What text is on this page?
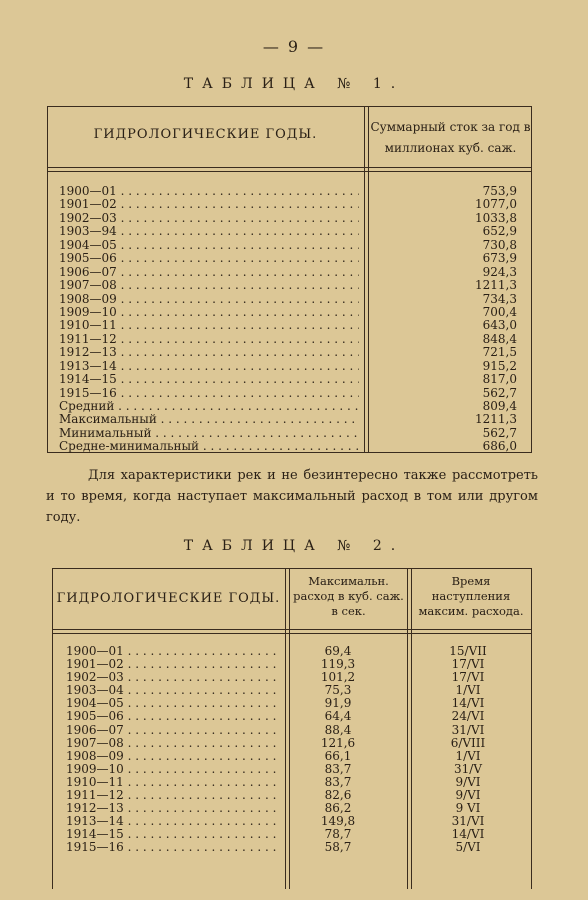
— 9 —
ТАБЛИЦА № 1.
ГИДРОЛОГИЧЕСКИЕ ГОДЫ.	Суммарный сток за год в миллионах куб. саж.
1900—01 . . .	753,9
1901—02 . . .	1077,0
1902—03 . . .	1033,8
1903—94 . . .	652,9
1904—05 . . .	730,8
1905—06 . . .	673,9
1906—07 . . .	924,3
1907—08 . . .	1211,3
1908—09 . . .	734,3
1909—10 . . .	700,4
1910—11 . . .	643,0
1911—12 . . .	848,4
1912—13 . . .	721,5
1913—14 . . .	915,2
1914—15 . . .	817,0
1915—16 . . .	562,7
Средний . . .	809,4
Максимальный . . .	1211,3
Минимальный . . .	562,7
Средне-минимальный . . .	686,0
Для характеристики рек и не безинтересно также рассмотреть и то время, когда наступает максимальный расход в том или другом году.
ТАБЛИЦА № 2.
ГИДРОЛОГИЧЕСКИЕ ГОДЫ.
Максимальн. расход в куб. саж. в сек.
Время наступления максим. расхода.
1900—01 . . .	69,4	15/VII
1901—02 . . .	119,3	17/VI
1902—03 . . .	101,2	17/VI
1903—04 . . .	75,3	1/VI
1904—05 . . .	91,9	14/VI
1905—06 . . .	64,4	24/VI
1906—07 . . .	88,4	31/VI
1907—08 . . .	121,6	6/VIII
1908—09 . . .	66,1	1/VI
1909—10 . . .	83,7	31/V
1910—11 . . .	83,7	9/VI
1911—12 . . .	82,6	9/VI
1912—13 . . .	86,2	9 VI
1913—14 . . .	149,8	31/VI
1914—15 . . .	78,7	14/VI
1915—16 . . .	58,7	5/VI
